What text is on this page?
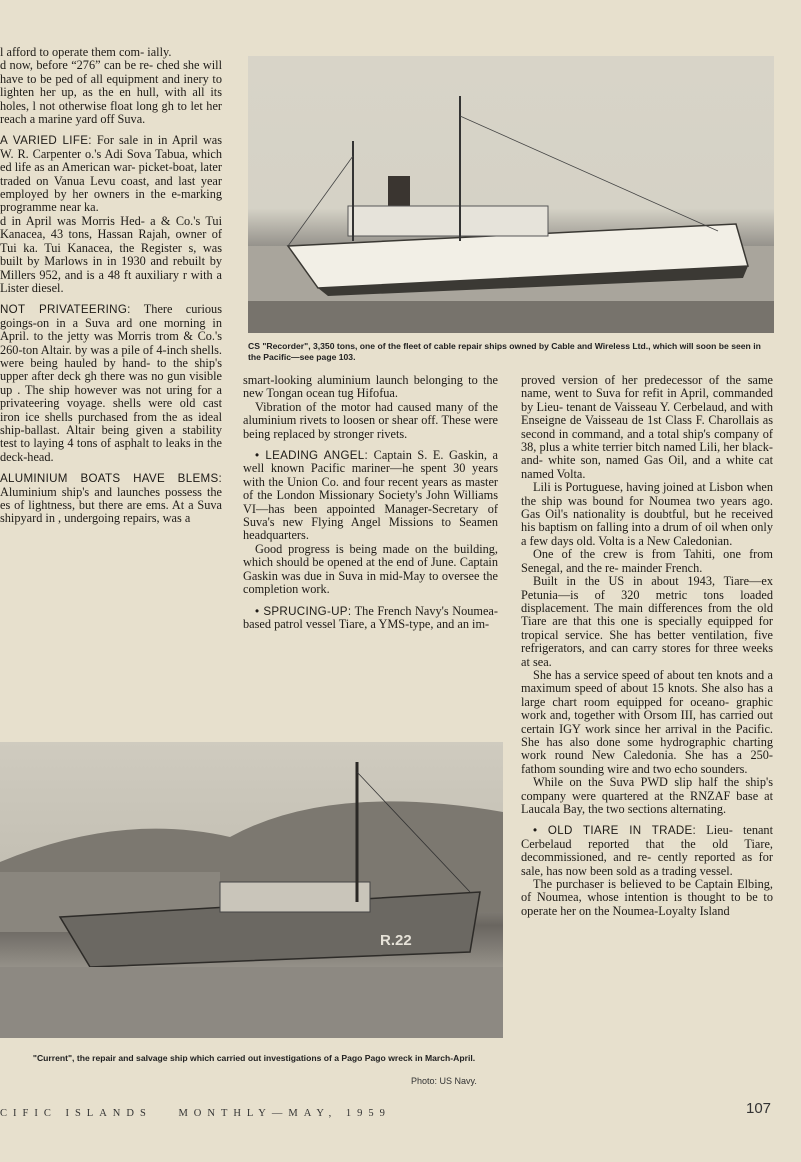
l afford to operate them com- ially.

d now, before “276” can be re- ched she will have to be ped of all equipment and inery to lighten her up, as the en hull, with all its holes, l not otherwise float long gh to let her reach a marine yard off Suva.

A VARIED LIFE: For sale in in April was W. R. Carpenter o.'s Adi Sova Tabua, which ed life as an American war- picket-boat, later traded on Vanua Levu coast, and last year employed by her owners in the e-marking programme near ka.

d in April was Morris Hed- a & Co.'s Tui Kanacea, 43 tons, Hassan Rajah, owner of Tui ka. Tui Kanacea, the Register s, was built by Marlows in in 1930 and rebuilt by Millers 952, and is a 48 ft auxiliary r with a Lister diesel.

NOT PRIVATEERING: There curious goings-on in a Suva ard one morning in April. to the jetty was Morris trom & Co.'s 260-ton Altair. by was a pile of 4-inch shells. were being hauled by hand- to the ship's upper after deck gh there was no gun visible up . The ship however was not uring for a privateering voyage. shells were old cast iron ice shells purchased from the as ideal ship-ballast. Altair being given a stability test to laying 4 tons of asphalt to leaks in the deck-head.

ALUMINIUM BOATS HAVE BLEMS: Aluminium ship's and launches possess the es of lightness, but there are ems. At a Suva shipyard in , undergoing repairs, was a

CS "Recorder", 3,350 tons, one of the fleet of cable repair ships owned by Cable and Wireless Ltd., which will soon be seen in the Pacific—see page 103.

smart-looking aluminium launch belonging to the new Tongan ocean tug Hifofua.

Vibration of the motor had caused many of the aluminium rivets to loosen or shear off. These were being replaced by stronger rivets.

• LEADING ANGEL: Captain S. E. Gaskin, a well known Pacific mariner—he spent 30 years with the Union Co. and four recent years as master of the London Missionary Society's John Williams VI—has been appointed Manager-Secretary of Suva's new Flying Angel Missions to Seamen headquarters.

Good progress is being made on the building, which should be opened at the end of June. Captain Gaskin was due in Suva in mid-May to oversee the completion work.

• SPRUCING-UP: The French Navy's Noumea-based patrol vessel Tiare, a YMS-type, and an im-

proved version of her predecessor of the same name, went to Suva for refit in April, commanded by Lieu- tenant de Vaisseau Y. Cerbelaud, and with Enseigne de Vaisseau de 1st Class F. Charollais as second in command, and a total ship's company of 38, plus a white terrier bitch named Lili, her black-and- white son, named Gas Oil, and a white cat named Volta.

Lili is Portuguese, having joined at Lisbon when the ship was bound for Noumea two years ago. Gas Oil's nationality is doubtful, but he received his baptism on falling into a drum of oil when only a few days old. Volta is a New Caledonian.

One of the crew is from Tahiti, one from Senegal, and the re- mainder French.

Built in the US in about 1943, Tiare—ex Petunia—is of 320 metric tons loaded displacement. The main differences from the old Tiare are that this one is specially equipped for tropical service. She has better ventilation, five refrigerators, and can carry stores for three weeks at sea.

She has a service speed of about ten knots and a maximum speed of about 15 knots. She also has a large chart room equipped for oceano- graphic work and, together with Orsom III, has carried out certain IGY work since her arrival in the Pacific. She has also done some hydrographic charting work round New Caledonia. She has a 250- fathom sounding wire and two echo sounders.

While on the Suva PWD slip half the ship's company were quartered at the RNZAF base at Laucala Bay, the two sections alternating.

• OLD TIARE IN TRADE: Lieu- tenant Cerbelaud reported that the old Tiare, decommissioned, and re- cently reported as for sale, has now been sold as a trading vessel.

The purchaser is believed to be Captain Elbing, of Noumea, whose intention is thought to be to operate her on the Noumea-Loyalty Island

R.22
"Current", the repair and salvage ship which carried out investigations of a Pago Pago wreck in March-April.
Photo: US Navy.
CIFIC ISLANDS	MONTHLY—MAY, 1959	107
